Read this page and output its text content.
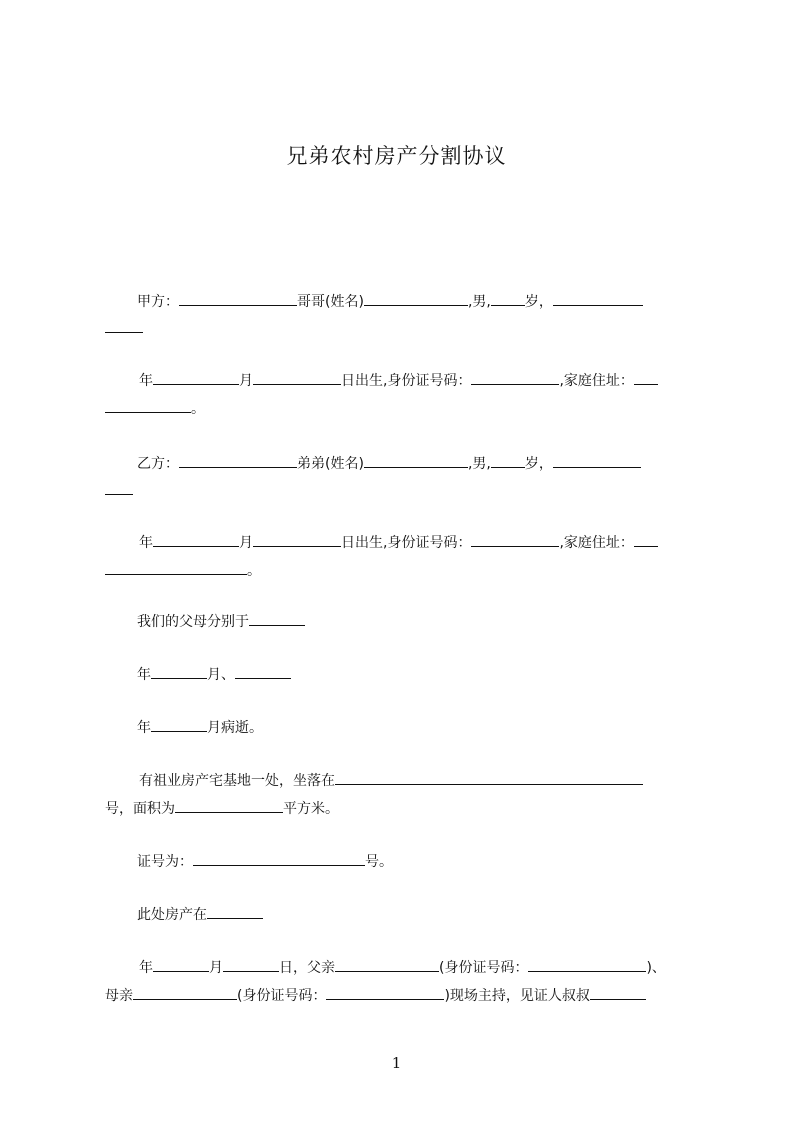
兄弟农村房产分割协议
甲方：	哥哥(姓名)	,男, 岁，
年	月	日出生,身份证号码：	,家庭住址：
。
乙方：	弟弟(姓名)	,男, 岁，
年	月	日出生,身份证号码：	,家庭住址：
。
我们的父母分别于
年	月、
年	月病逝。
有祖业房产宅基地一处，坐落在
号，面积为	平方米。
证号为：	号。
此处房产在
年	月	日，父亲	(身份证号码：	)、
母亲	(身份证号码：	)现场主持，见证人叔叔
1
